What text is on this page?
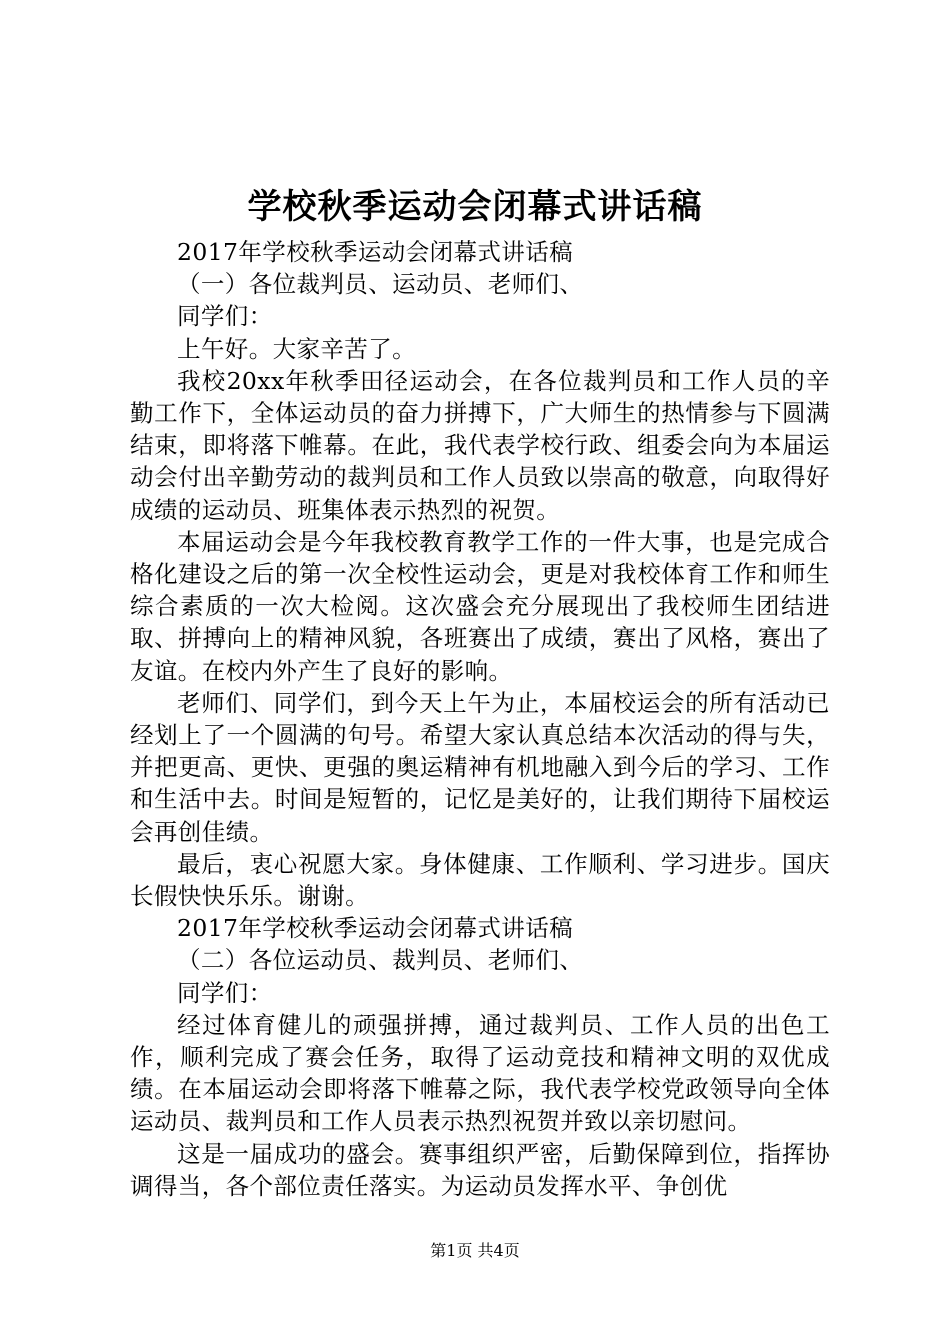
学校秋季运动会闭幕式讲话稿

2017年学校秋季运动会闭幕式讲话稿

（一）各位裁判员、运动员、老师们、

同学们：

上午好。大家辛苦了。

我校20xx年秋季田径运动会，在各位裁判员和工作人员的辛勤工作下，全体运动员的奋力拼搏下，广大师生的热情参与下圆满结束，即将落下帷幕。在此，我代表学校行政、组委会向为本届运动会付出辛勤劳动的裁判员和工作人员致以崇高的敬意，向取得好成绩的运动员、班集体表示热烈的祝贺。

本届运动会是今年我校教育教学工作的一件大事，也是完成合格化建设之后的第一次全校性运动会，更是对我校体育工作和师生综合素质的一次大检阅。这次盛会充分展现出了我校师生团结进取、拼搏向上的精神风貌，各班赛出了成绩，赛出了风格，赛出了友谊。在校内外产生了良好的影响。

老师们、同学们，到今天上午为止，本届校运会的所有活动已经划上了一个圆满的句号。希望大家认真总结本次活动的得与失，并把更高、更快、更强的奥运精神有机地融入到今后的学习、工作和生活中去。时间是短暂的，记忆是美好的，让我们期待下届校运会再创佳绩。

最后，衷心祝愿大家。身体健康、工作顺利、学习进步。国庆长假快快乐乐。谢谢。

2017年学校秋季运动会闭幕式讲话稿

（二）各位运动员、裁判员、老师们、

同学们：

经过体育健儿的顽强拼搏，通过裁判员、工作人员的出色工作，顺利完成了赛会任务，取得了运动竞技和精神文明的双优成绩。在本届运动会即将落下帷幕之际，我代表学校党政领导向全体运动员、裁判员和工作人员表示热烈祝贺并致以亲切慰问。

这是一届成功的盛会。赛事组织严密，后勤保障到位，指挥协调得当，各个部位责任落实。为运动员发挥水平、争创优

第1页 共4页
